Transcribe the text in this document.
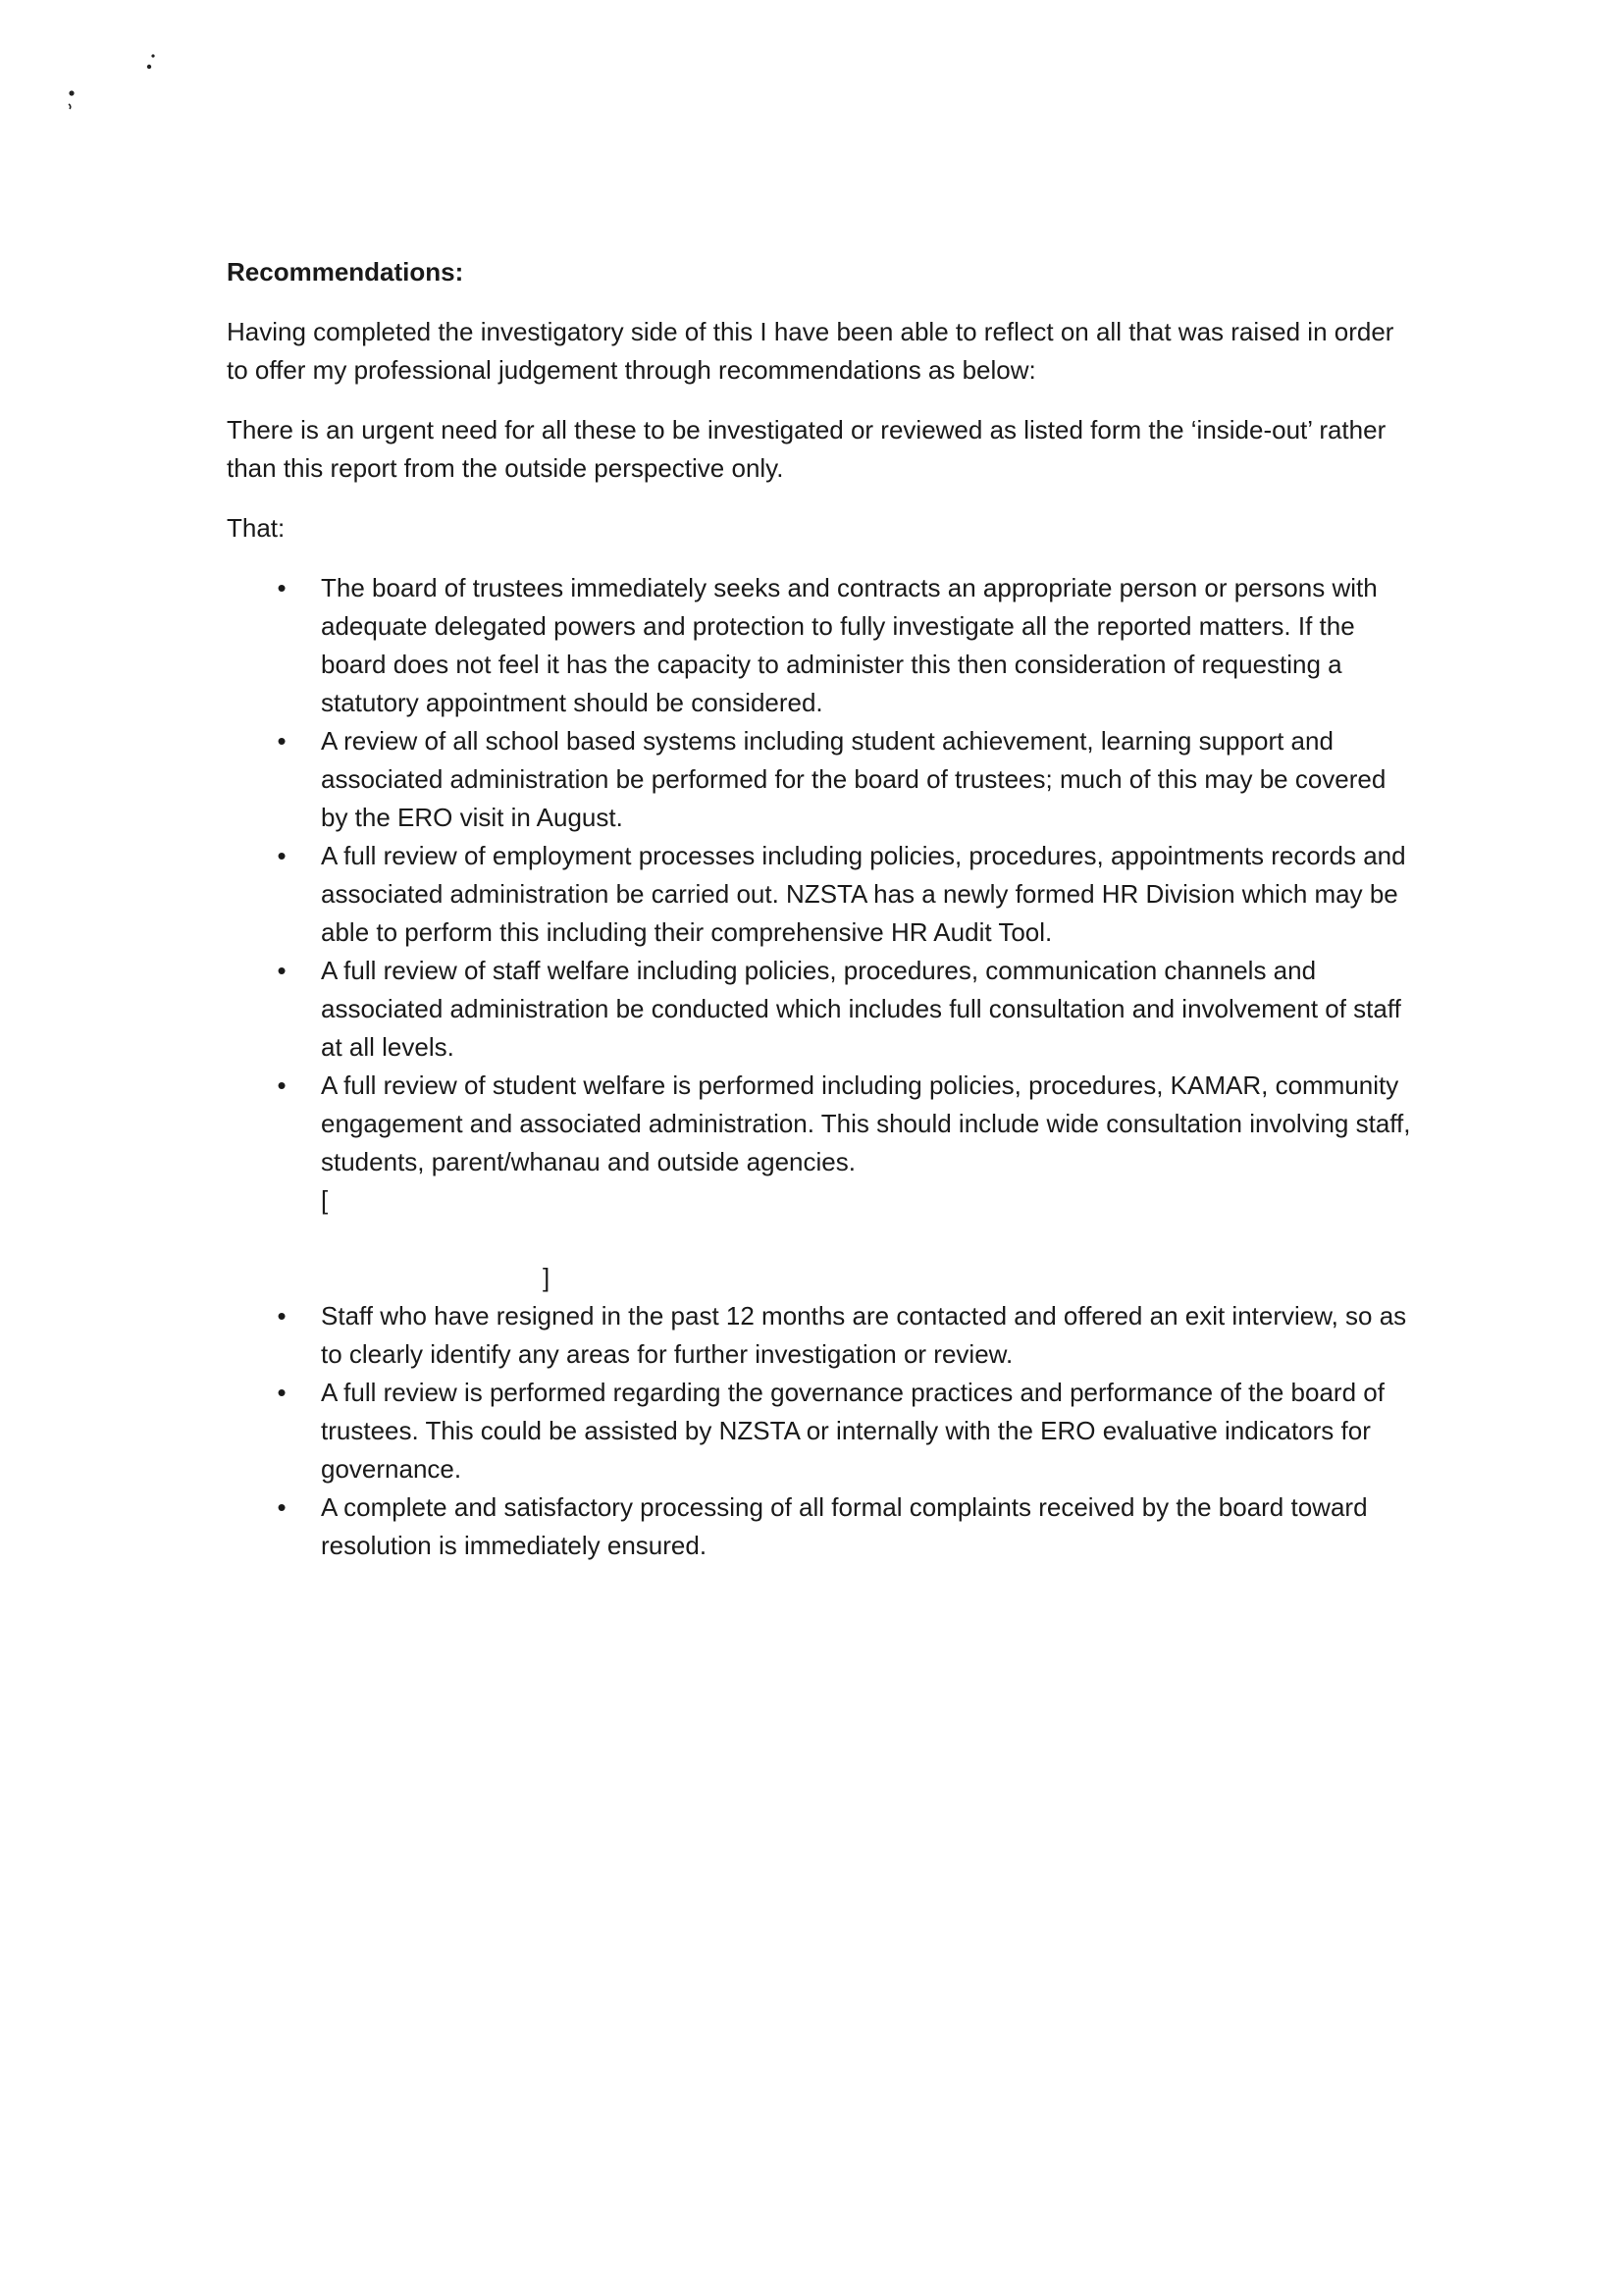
Recommendations:

Having completed the investigatory side of this I have been able to reflect on all that was raised in order to offer my professional judgement through recommendations as below:

There is an urgent need for all these to be investigated or reviewed as listed form the ‘inside-out’ rather than this report from the outside perspective only.

That:

• The board of trustees immediately seeks and contracts an appropriate person or persons with adequate delegated powers and protection to fully investigate all the reported matters. If the board does not feel it has the capacity to administer this then consideration of requesting a statutory appointment should be considered.
• A review of all school based systems including student achievement, learning support and associated administration be performed for the board of trustees; much of this may be covered by the ERO visit in August.
• A full review of employment processes including policies, procedures, appointments records and associated administration be carried out. NZSTA has a newly formed HR Division which may be able to perform this including their comprehensive HR Audit Tool.
• A full review of staff welfare including policies, procedures, communication channels and associated administration be conducted which includes full consultation and involvement of staff at all levels.
• A full review of student welfare is performed including policies, procedures, KAMAR, community engagement and associated administration. This should include wide consultation involving staff, students, parent/whanau and outside agencies.
[
]
• Staff who have resigned in the past 12 months are contacted and offered an exit interview, so as to clearly identify any areas for further investigation or review.
• A full review is performed regarding the governance practices and performance of the board of trustees. This could be assisted by NZSTA or internally with the ERO evaluative indicators for governance.
• A complete and satisfactory processing of all formal complaints received by the board toward resolution is immediately ensured.
